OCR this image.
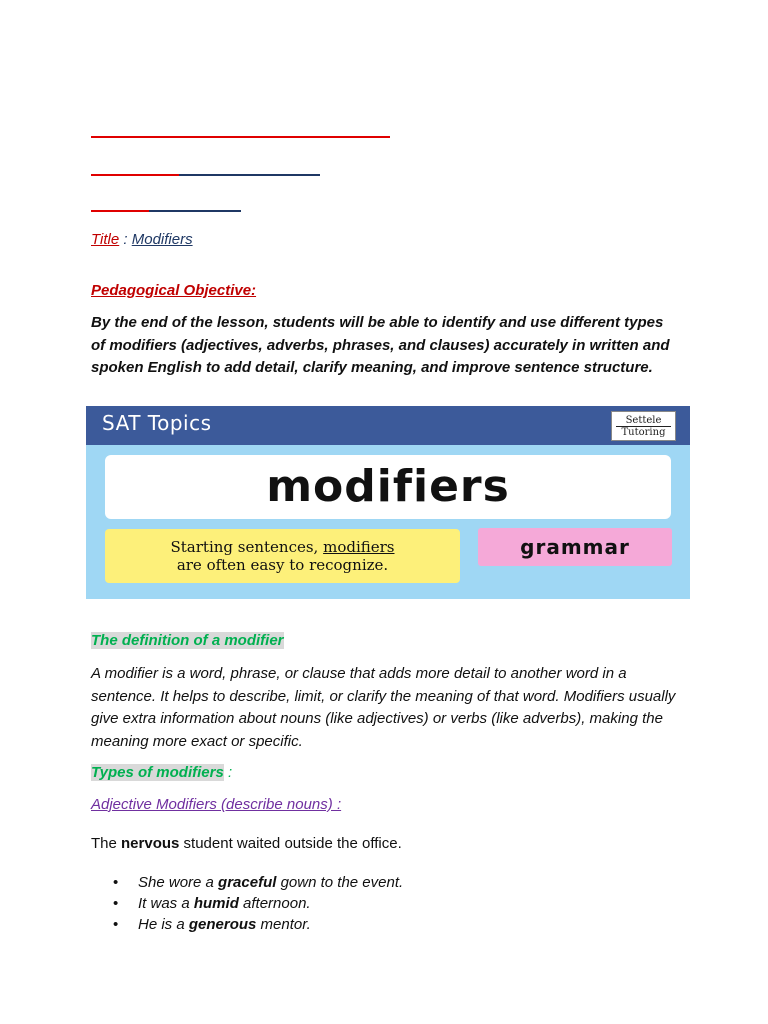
Title : Modifiers
Pedagogical Objective:
By the end of the lesson, students will be able to identify and use different types of modifiers (adjectives, adverbs, phrases, and clauses) accurately in written and spoken English to add detail, clarify meaning, and improve sentence structure.
SAT Topics	Settele
Tutoring
modifiers
Starting sentences, modifiers
are often easy to recognize.
grammar
The definition of a modifier
A modifier is a word, phrase, or clause that adds more detail to another word in a sentence. It helps to describe, limit, or clarify the meaning of that word. Modifiers usually give extra information about nouns (like adjectives) or verbs (like adverbs), making the meaning more exact or specific.
Types of modifiers :
Adjective Modifiers (describe nouns) :
The nervous student waited outside the office.
• She wore a graceful gown to the event.
• It was a humid afternoon.
• He is a generous mentor.
